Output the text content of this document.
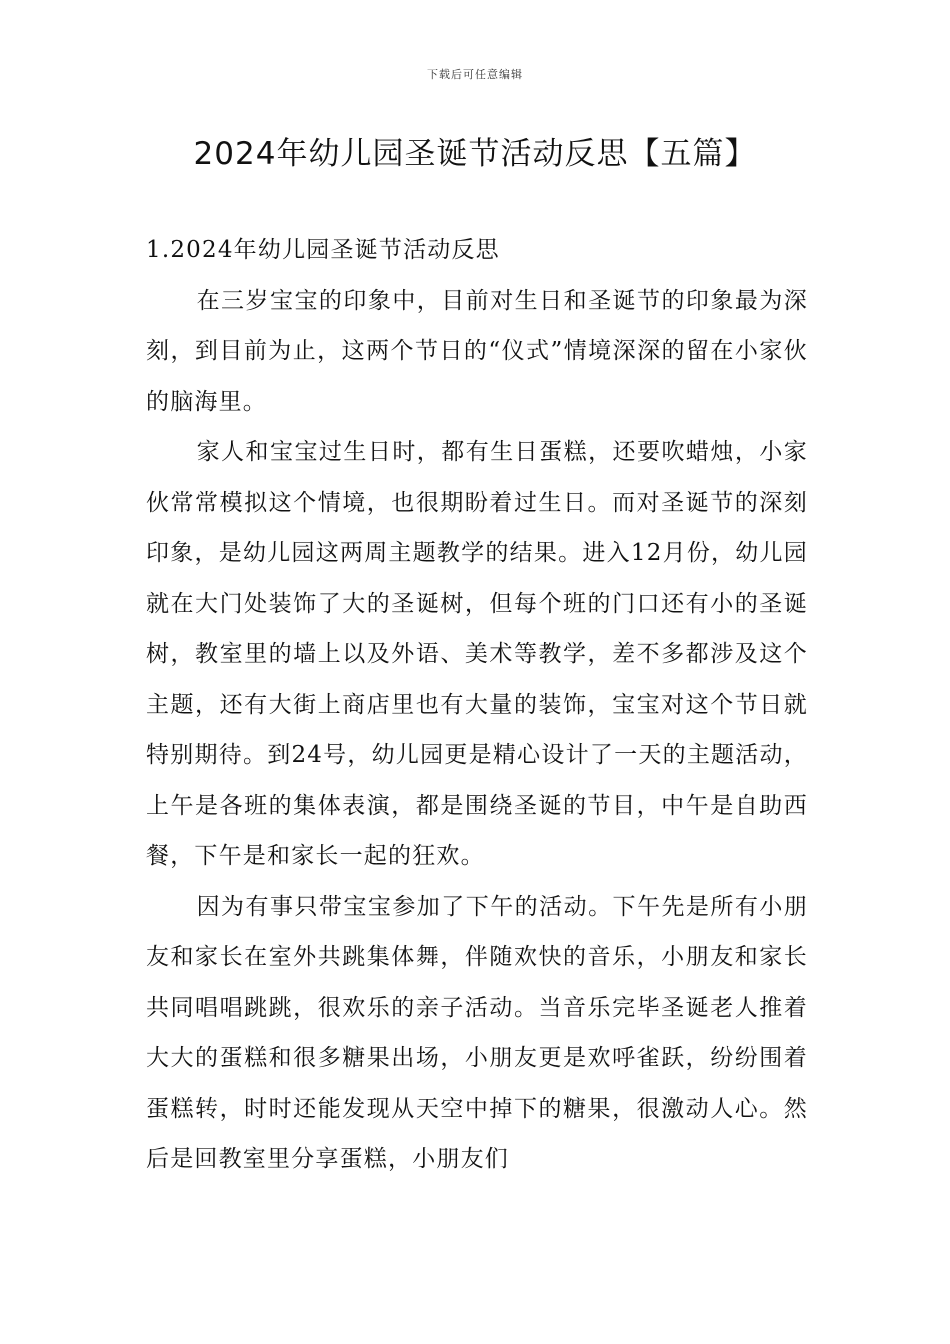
下载后可任意编辑
2024年幼儿园圣诞节活动反思【五篇】
1.2024年幼儿园圣诞节活动反思

在三岁宝宝的印象中，目前对生日和圣诞节的印象最为深刻，到目前为止，这两个节日的“仪式”情境深深的留在小家伙的脑海里。

家人和宝宝过生日时，都有生日蛋糕，还要吹蜡烛，小家伙常常模拟这个情境，也很期盼着过生日。而对圣诞节的深刻印象，是幼儿园这两周主题教学的结果。进入12月份，幼儿园就在大门处装饰了大的圣诞树，但每个班的门口还有小的圣诞树，教室里的墙上以及外语、美术等教学，差不多都涉及这个主题，还有大街上商店里也有大量的装饰，宝宝对这个节日就特别期待。到24号，幼儿园更是精心设计了一天的主题活动，上午是各班的集体表演，都是围绕圣诞的节目，中午是自助西餐，下午是和家长一起的狂欢。

因为有事只带宝宝参加了下午的活动。下午先是所有小朋友和家长在室外共跳集体舞，伴随欢快的音乐，小朋友和家长共同唱唱跳跳，很欢乐的亲子活动。当音乐完毕圣诞老人推着大大的蛋糕和很多糖果出场，小朋友更是欢呼雀跃，纷纷围着蛋糕转，时时还能发现从天空中掉下的糖果，很激动人心。然后是回教室里分享蛋糕，小朋友们
